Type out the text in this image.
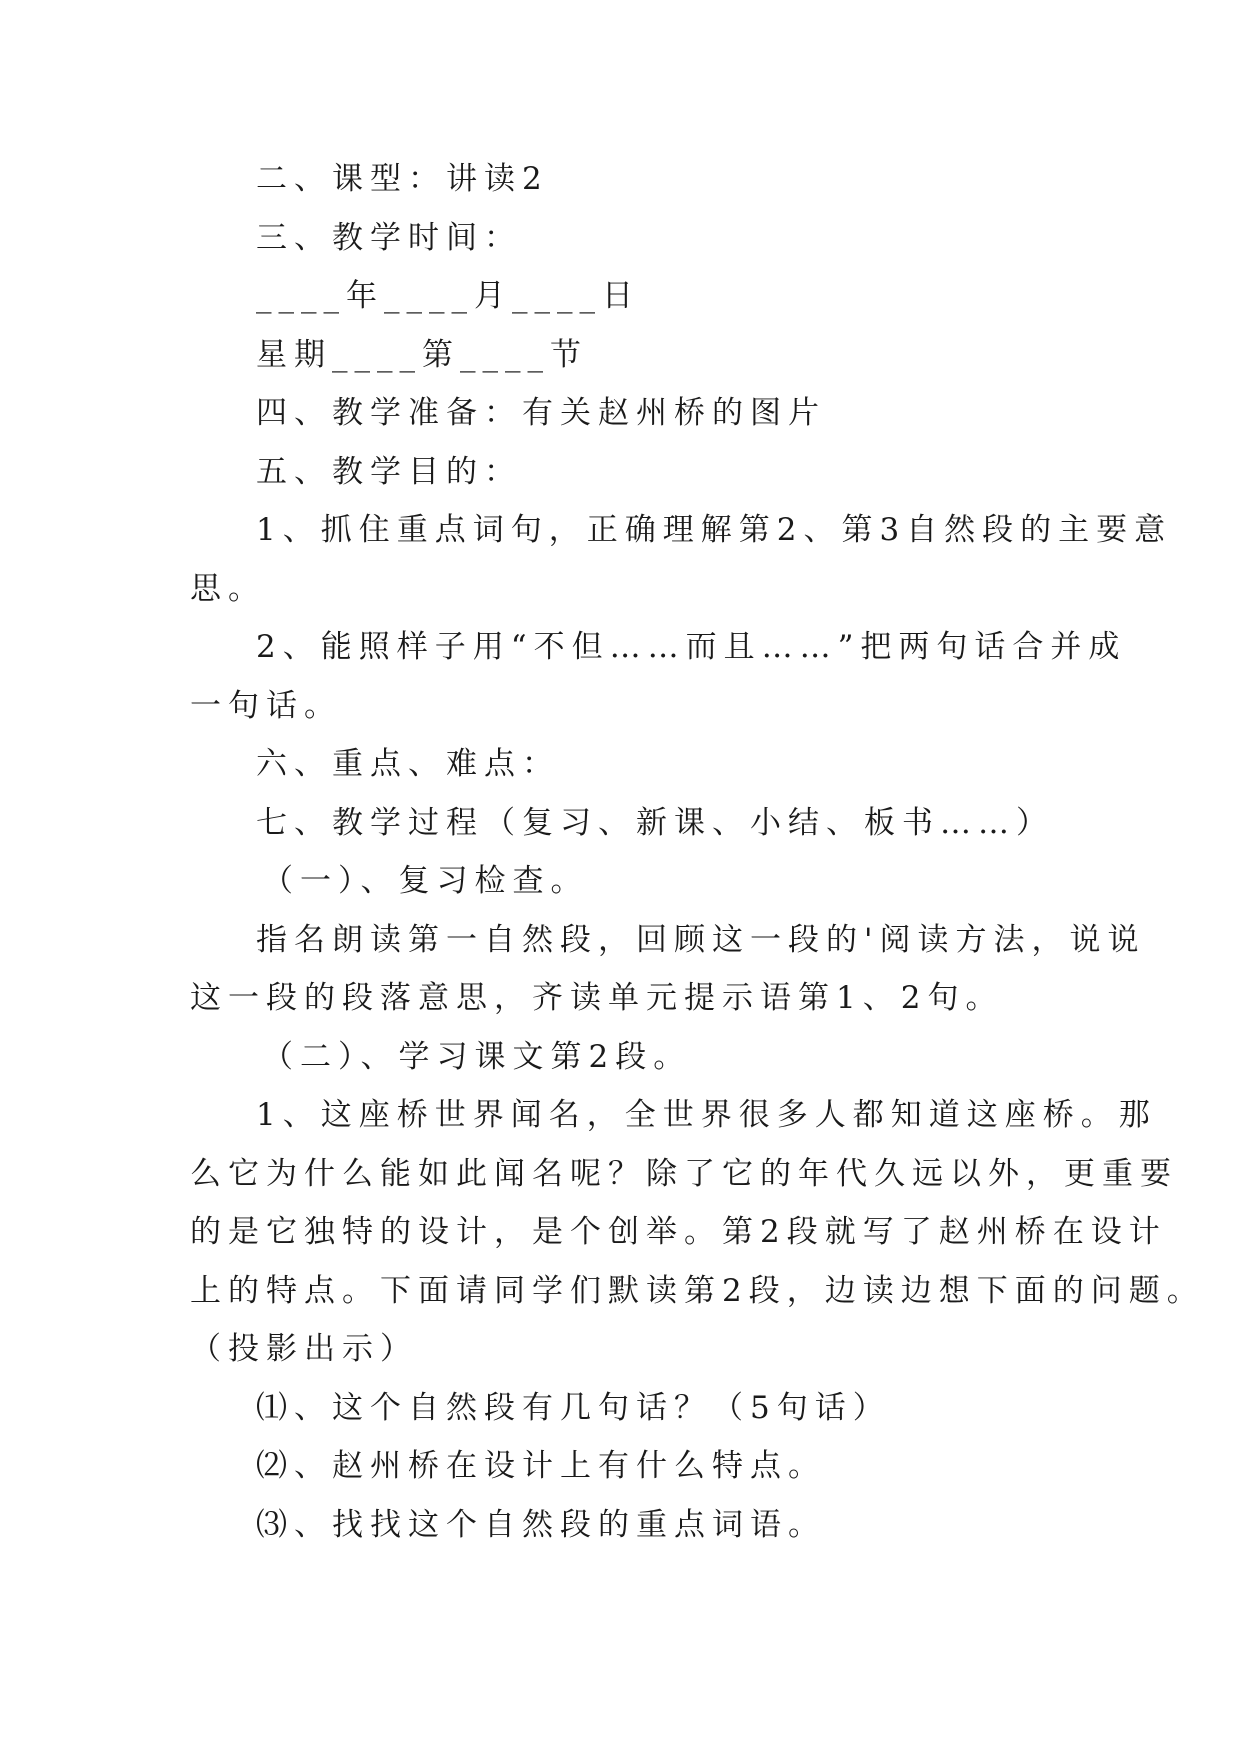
二、课型：讲读2
三、教学时间：
____年____月____日
星期____第____节
四、教学准备：有关赵州桥的图片
五、教学目的：
1、抓住重点词句，正确理解第2、第3自然段的主要意
思。
2、能照样子用“不但……而且……”把两句话合并成
一句话。
六、重点、难点：
七、教学过程（复习、新课、小结、板书……）
（一）、复习检查。
指名朗读第一自然段，回顾这一段的'阅读方法，说说
这一段的段落意思，齐读单元提示语第1、2句。
（二）、学习课文第2段。
1、这座桥世界闻名，全世界很多人都知道这座桥。那
么它为什么能如此闻名呢？除了它的年代久远以外，更重要
的是它独特的设计，是个创举。第2段就写了赵州桥在设计
上的特点。下面请同学们默读第2段，边读边想下面的问题。
（投影出示）
⑴、这个自然段有几句话？（5句话）
⑵、赵州桥在设计上有什么特点。
⑶、找找这个自然段的重点词语。
